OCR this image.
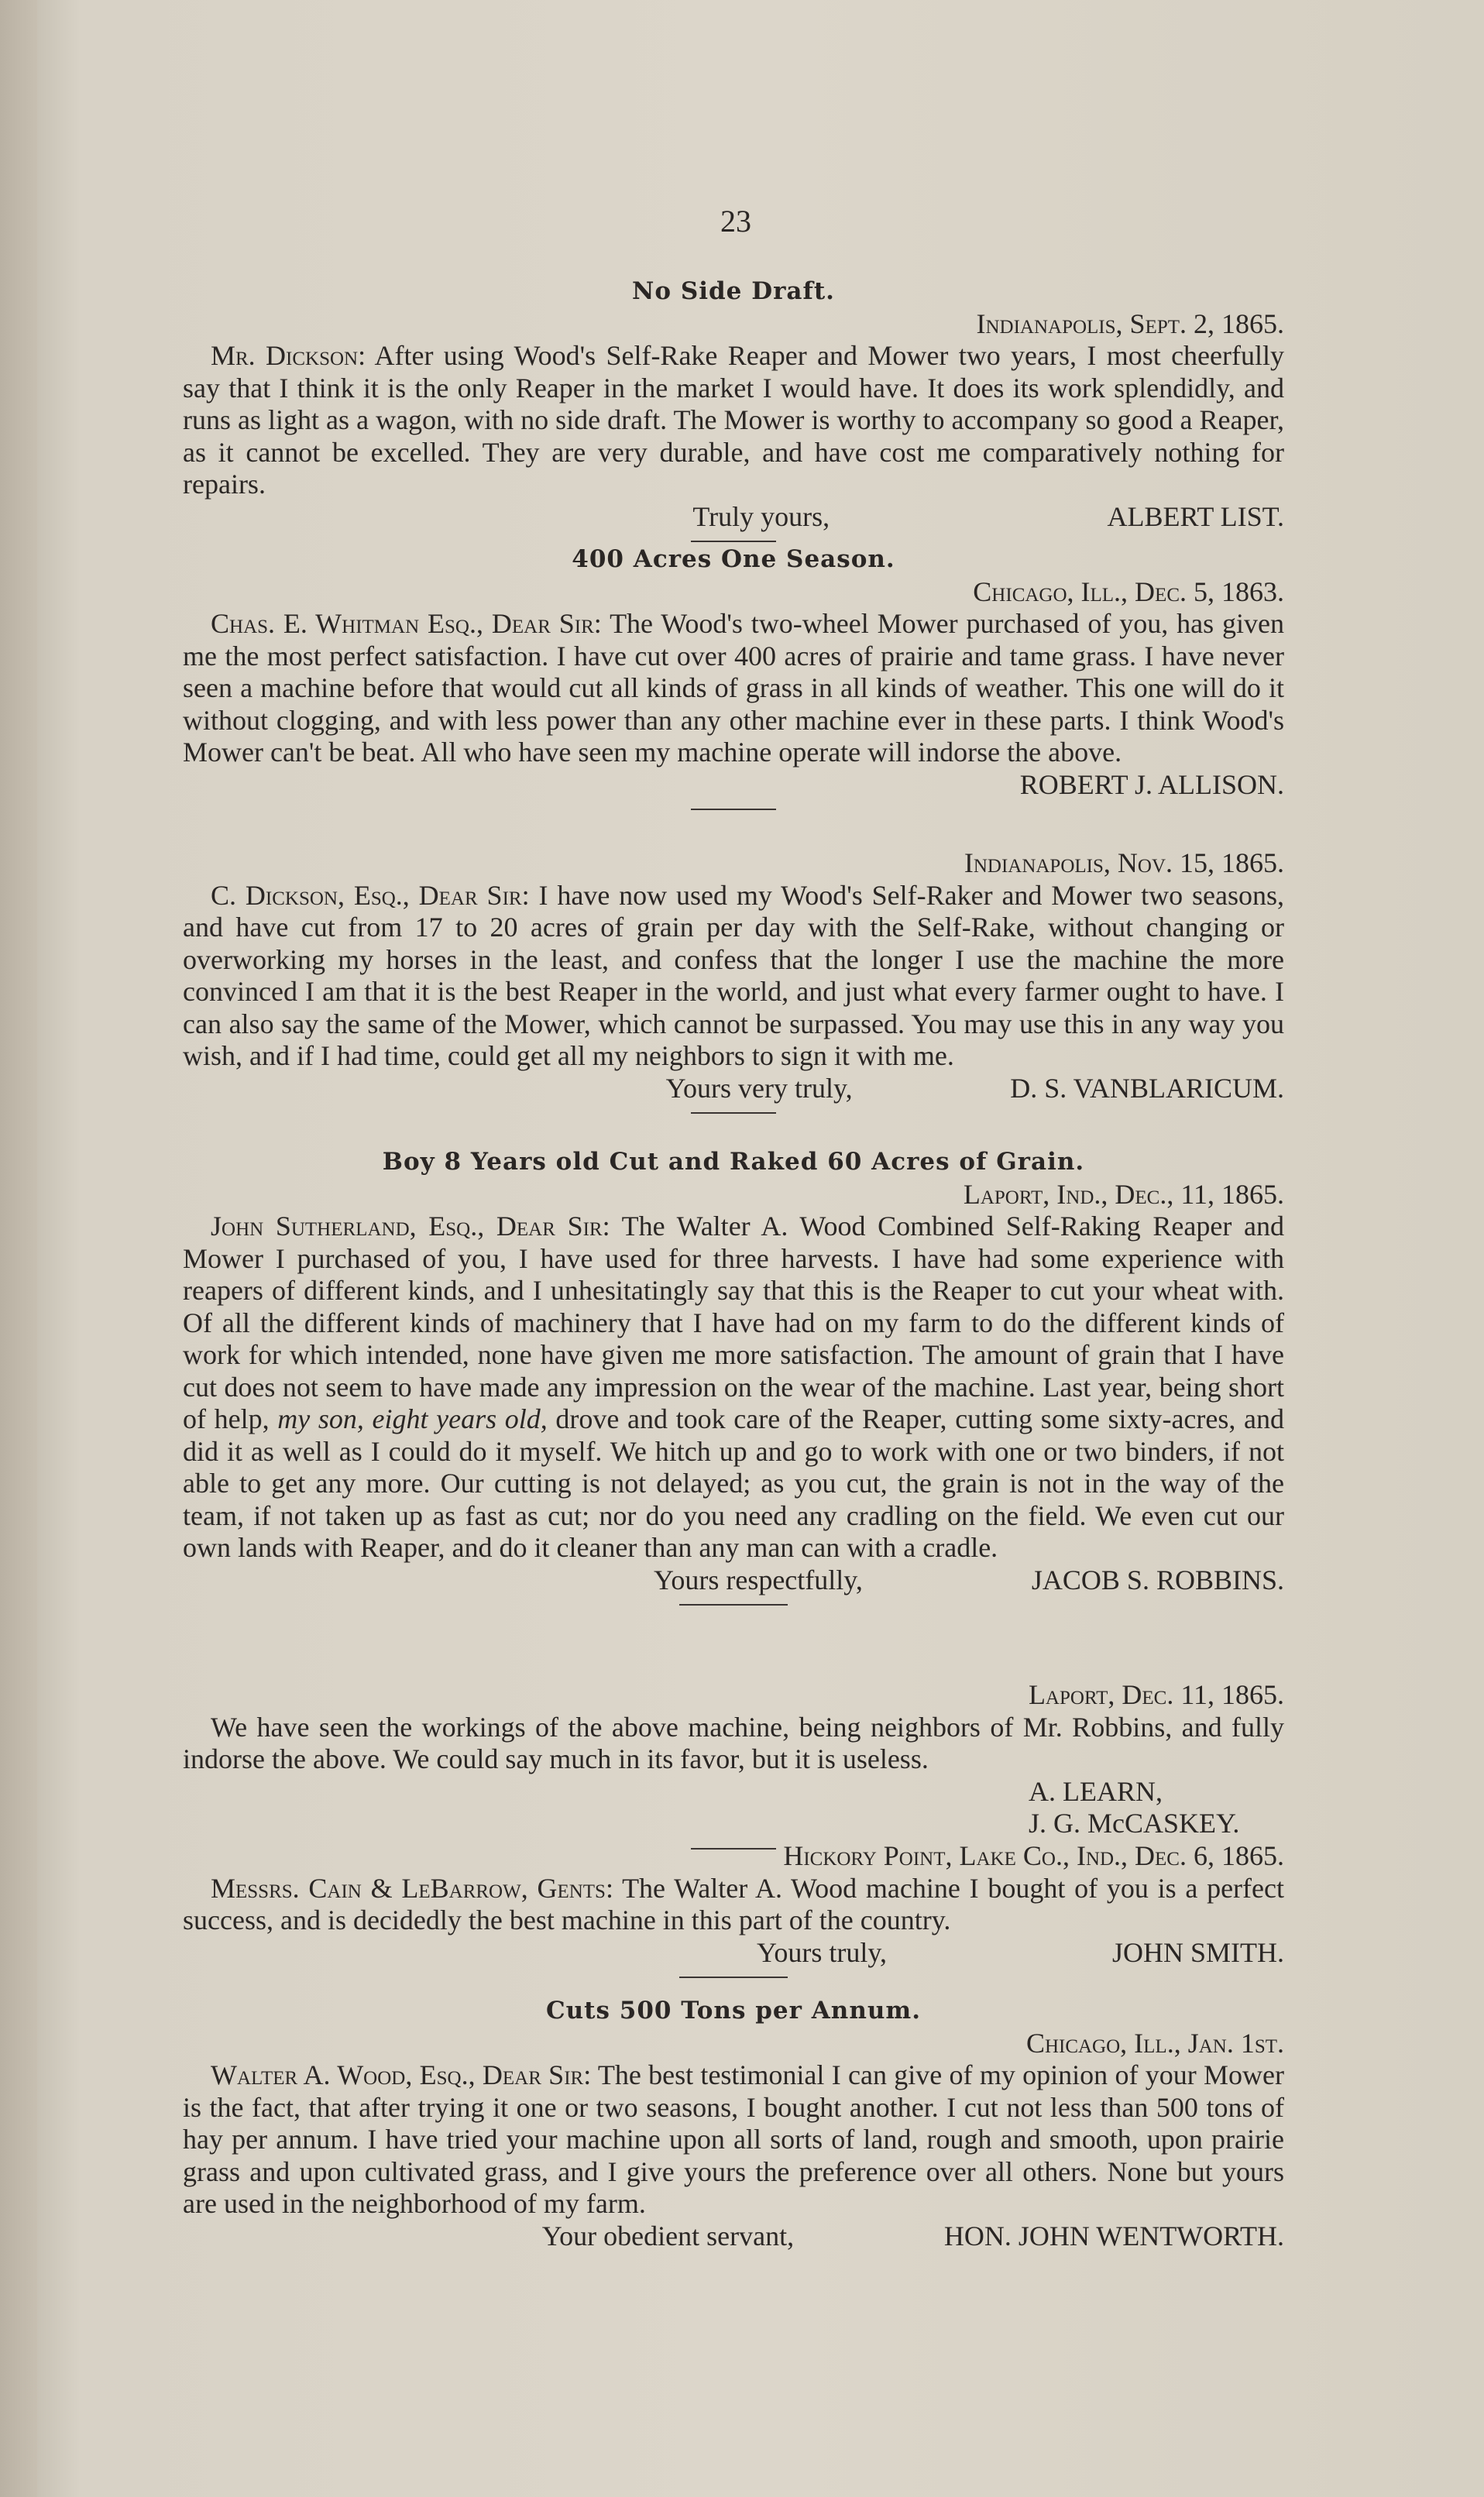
23

No Side Draft.

Indianapolis, Sept. 2, 1865.

Mr. Dickson: After using Wood's Self-Rake Reaper and Mower two years, I most cheerfully say that I think it is the only Reaper in the market I would have. It does its work splendidly, and runs as light as a wagon, with no side draft. The Mower is worthy to accompany so good a Reaper, as it cannot be excelled. They are very durable, and have cost me comparatively nothing for repairs.

Truly yours,	ALBERT LIST.

400 Acres One Season.

Chicago, Ill., Dec. 5, 1863.

Chas. E. Whitman Esq., Dear Sir: The Wood's two-wheel Mower purchased of you, has given me the most perfect satisfaction. I have cut over 400 acres of prairie and tame grass. I have never seen a machine before that would cut all kinds of grass in all kinds of weather. This one will do it without clogging, and with less power than any other machine ever in these parts. I think Wood's Mower can't be beat. All who have seen my machine operate will indorse the above.

ROBERT J. ALLISON.

Indianapolis, Nov. 15, 1865.

C. Dickson, Esq., Dear Sir: I have now used my Wood's Self-Raker and Mower two seasons, and have cut from 17 to 20 acres of grain per day with the Self-Rake, without changing or overworking my horses in the least, and confess that the longer I use the machine the more convinced I am that it is the best Reaper in the world, and just what every farmer ought to have. I can also say the same of the Mower, which cannot be surpassed. You may use this in any way you wish, and if I had time, could get all my neighbors to sign it with me.

Yours very truly,	D. S. VANBLARICUM.

Boy 8 Years old Cut and Raked 60 Acres of Grain.

Laport, Ind., Dec., 11, 1865.

John Sutherland, Esq., Dear Sir: The Walter A. Wood Combined Self-Raking Reaper and Mower I purchased of you, I have used for three harvests. I have had some experience with reapers of different kinds, and I unhesitatingly say that this is the Reaper to cut your wheat with. Of all the different kinds of machinery that I have had on my farm to do the different kinds of work for which intended, none have given me more satisfaction. The amount of grain that I have cut does not seem to have made any impression on the wear of the machine. Last year, being short of help, my son, eight years old, drove and took care of the Reaper, cutting some sixty-acres, and did it as well as I could do it myself. We hitch up and go to work with one or two binders, if not able to get any more. Our cutting is not delayed; as you cut, the grain is not in the way of the team, if not taken up as fast as cut; nor do you need any cradling on the field. We even cut our own lands with Reaper, and do it cleaner than any man can with a cradle.

Yours respectfully,	JACOB S. ROBBINS.

Laport, Dec. 11, 1865.

We have seen the workings of the above machine, being neighbors of Mr. Robbins, and fully indorse the above. We could say much in its favor, but it is useless.

A. LEARN,

J. G. McCASKEY.

Hickory Point, Lake Co., Ind., Dec. 6, 1865.

Messrs. Cain & LeBarrow, Gents: The Walter A. Wood machine I bought of you is a perfect success, and is decidedly the best machine in this part of the country.

Yours truly,	JOHN SMITH.

Cuts 500 Tons per Annum.

Chicago, Ill., Jan. 1st.

Walter A. Wood, Esq., Dear Sir: The best testimonial I can give of my opinion of your Mower is the fact, that after trying it one or two seasons, I bought another. I cut not less than 500 tons of hay per annum. I have tried your machine upon all sorts of land, rough and smooth, upon prairie grass and upon cultivated grass, and I give yours the preference over all others. None but yours are used in the neighborhood of my farm.

Your obedient servant,	HON. JOHN WENTWORTH.
